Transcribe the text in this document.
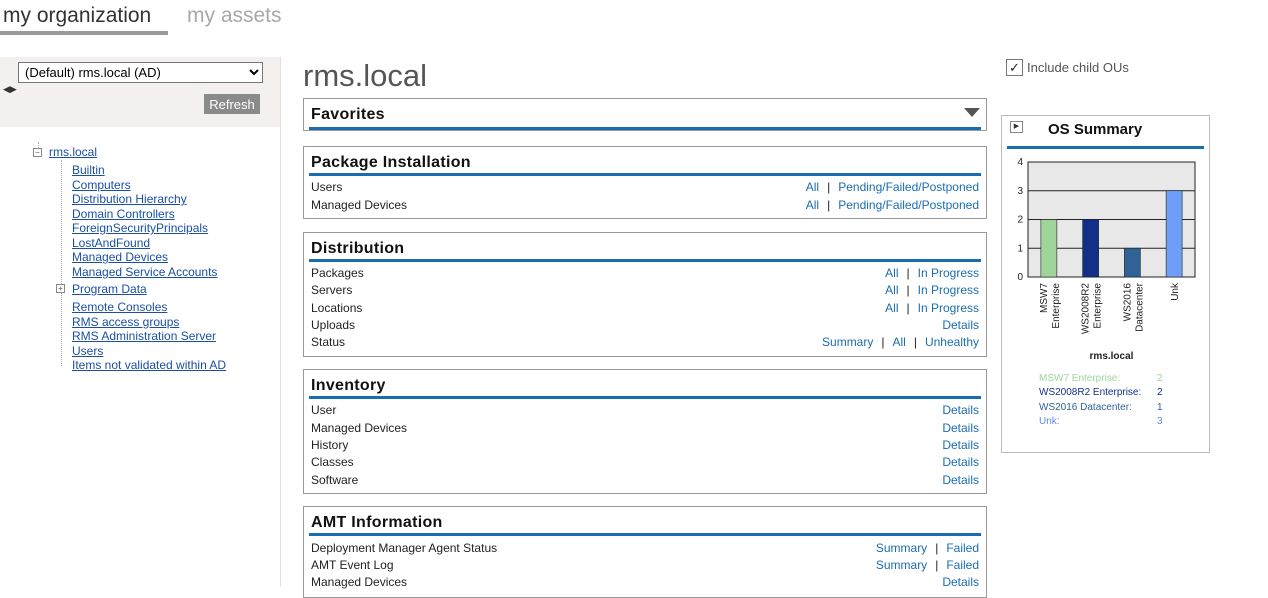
my organization my assets
(Default) rms.local (AD)
◀▶
Refresh
− rms.local
+
Builtin
Computers
Distribution Hierarchy
Domain Controllers
ForeignSecurityPrincipals
LostAndFound
Managed Devices
Managed Service Accounts
Program Data
Remote Consoles
RMS access groups
RMS Administration Server
Users
Items not validated within AD
rms.local
Favorites
Package Installation
Users	All | Pending/Failed/Postponed
Managed Devices	All | Pending/Failed/Postponed
Distribution
Packages	All | In Progress
Servers	All | In Progress
Locations	All | In Progress
Uploads	Details
Status	Summary | All | Unhealthy
Inventory
User	Details
Managed Devices	Details
History	Details
Classes	Details
Software	Details
AMT Information
Deployment Manager Agent Status	Summary | Failed
AMT Event Log	Summary | Failed
Managed Devices	Details
✓ Include child OUs
▶ OS Summary
0
1
2
3
4
MSW7 Enterprise WS2008R2 Enterprise WS2016 Datacenter Unk
rms.local
MSW7 Enterprise:	2
WS2008R2 Enterprise: 2
WS2016 Datacenter:	1
Unk:	3
